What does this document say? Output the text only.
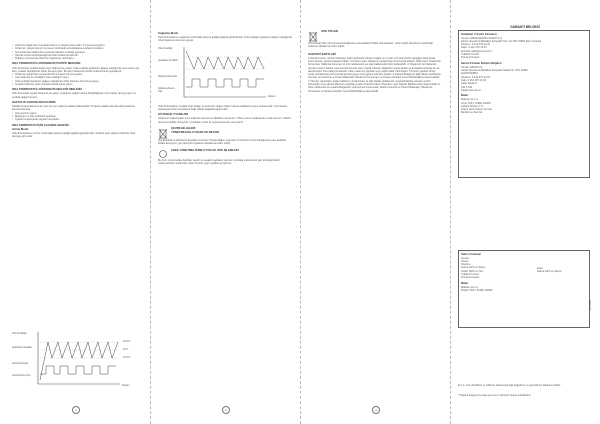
• Cihazınız kapalı iken kumanda kolunu en düşük konum olan ‘0’ konumuna getirin.

• Cihazınızı çalıştırmak için ön panel üzerindeki açma/kapama anahtarını kullanın.

• Termostat ayar düğmesini çevirerek istenilen sıcaklığı ayarlayın.

• Hazırlık süresi tamamlandığında cihaz kullanıma hazırdır.

• Kullanım sonrasında cihazınızı kapatmayı unutmayın.

ODA TERMOSTATLI HİSTEREZİS POZİTİF MEKANİZ

Oda Termostatı sıcaklık değeri ayar düğmesi ile yapılır. Oda sıcaklığı ayarlanan değere ulaştığında ısıtıcı devre dışı kalır, sıcaklık düştüğünde tekrar devreye girer. Bu işlem histerezis pozitif mekanizma ile gerçekleşir.

• Cihazınızı kapalı iken kumanda kolunu kapalı konuma getirin.

• Ayar düğmesi ile istediğiniz oda sıcaklığını seçin.

• Oda sıcaklığı ayarlanan değere ulaştığında cihaz bekleme konumuna geçer.

• Sıcaklık düşünce cihaz otomatik olarak tekrar çalışır.

ODA TERMOSTATLI HİSTEREZİS NEGATİF MEKANİZ

Oda Termostatı negatif histerezis ile çalışır. Ayarlanan değerin altına düşüldüğünde ısıtıcı tekrar devreye girer ve sıcaklık değeri korunur.

HAFTALIK ZAMANLAMA KURMA

Haftalık programlama ile her gün için ayrı çalışma saatleri belirlenebilir. Program saatleri dışında cihaz bekleme konumunda kalır.

• Gün seçimini yapın.

• Başlangıç ve bitiş saatlerini ayarlayın.

• Ayarları onaylayarak programı kaydedin.

ODA TERMOSTATI İÇİN ÇALIŞMA GRAFİĞİ
Isıtma Modu

Oda Termostatının ısıtma modundaki çalışma grafiği aşağıda gösterilmiştir. Sıcaklık ayar noktası etrafında cihaz devreye girip çıkar.

Oda Sıcaklığı
Ayarlanan Sıcaklık
Isıtma Devrede
Isıtma Devre Dışı
22.5°C
22°C
21.5°C
Zaman
1
Soğutma Modu

Oda Termostatının soğutma modundaki çalışma grafiği aşağıda gösterilmiştir. Oda sıcaklığı ayarlanan değere ulaştığında cihaz bekleme konumuna geçer.

Oda Sıcaklığı
Ayarlanan Sıcaklık
Soğutma Devrede
Soğutma Devre Dışı
Zaman

Oda Termostatının sıcaklık ayar aralığı ve histerezis değeri cihazın teknik özelliklerine göre belirlenmiştir. Termostatın hassasiyeti ortam koşullarına bağlı olarak değişiklik gösterebilir.

GÜVENLİK UYARILARI

Cihazınızı kullanmadan önce kullanım kılavuzunu dikkatlice okuyunuz. Cihazı yanıcı maddelerden uzak tutunuz. Cihazın üzerini kesinlikle örtmeyiniz. Çocukların cihaz ile oynamasına izin vermeyiniz.

ÇEVRE BİLGİLERİ
YÖNETMELİĞE UYGUNLUK BEYANI

Atık Elektrikli ve Elektronik Eşyaların Kontrolü Yönetmeliğine uygundur. Ürününüzü ömrü dolduğunda evsel atıklarla birlikte atmayınız, geri dönüşüm toplama noktalarına teslim ediniz.

AEEE YÖNETMELİĞİNE UYUM VE ATIK İŞLEMLERİ

Bu ürün, yönetmelikte belirtilen zararlı ve yasaklı maddeleri içermez. Ambalaj malzemeleri geri dönüştürülebilir malzemelerden üretilmiştir, lütfen bunları uygun şekilde ayrıştırınız.

2
ATIK PİLLER

Ürünüzdeki piller ömrünü tamamladığında evsel atıklarla birlikte atılmamalıdır. Lütfen pilleri belediyenin belirlediği toplama noktalarına teslim ediniz.

GARANTİ ŞARTLARI

1-Garanti süresi, ürünün tüketiciye teslim tarihinden itibaren başlar ve 2 yıldır. 2-Ürünün bütün parçaları dahil olmak üzere tamamı garanti kapsamındadır. 3-Ürünün ayıplı olduğunun anlaşılması durumunda tüketici, 6502 sayılı Tüketicinin Korunması Hakkında Kanunun 11 inci maddesinde yer alan haklarından birini kullanabilir. 4-Tüketicinin bu haklardan ücretsiz onarım hakkını seçmesi durumunda satıcı; işçilik masrafı, değiştirilen parça bedeli ya da başka herhangi bir ad altında hiçbir ücret talep etmeksizin malın onarımını yapmak veya yaptırmakla yükümlüdür. 5-Ürünün garanti süresi içinde arızalanması durumunda tamirde geçen süre garanti süresine eklenir. 6-Garanti Belgesi ile ilgili olarak çıkabilecek sorunlar için Gümrük ve Ticaret Bakanlığı Tüketicinin Korunması ve Piyasa Gözetimi Genel Müdürlüğüne başvurulabilir. 7-Tüketici, garantiden doğan haklarının kullanılması ile ilgili olarak çıkabilecek uyuşmazlıklarda yerleşim yerinin bulunduğu veya tüketici işleminin yapıldığı yerdeki Tüketici Hakem Heyetine veya Tüketici Mahkemesine başvurabilir. 8-Satıcı tarafından bu Garanti Belgesinin verilmemesi durumunda, tüketici Gümrük ve Ticaret Bakanlığı Tüketicinin Korunması ve Piyasa Gözetimi Genel Müdürlüğüne başvurabilir.

3
GARANTİ BELGESİ
Tedarikçi / Üretici Firmanın

Unvanı: EMAR MAKİNA SANAYİ A.Ş.

Adresi: Esenkent Mahallesi Konyaaltı Sok. No:15/1 34384 Şişli / İstanbul

Telefonu: 0 212 376 14 00

Faksı: 0 212 376 14 03

E-Posta: satis@emar.com.tr

Yetkilinin İmzası:

Firmanın Kaşesi:

Servis Firması İletişim Bilgileri

Unvanı: EMAR A.Ş.

Adresi: Esenkent Mahallesi Konyaaltı Sokak No: 15/1 34384

Şişli/İSTANBUL

Telefonu: 0 212 376 13 03

Faks: 0 212 376 13 03

Çağrı Merkezi:

444 0 333

info@emar.com.tr

Malın

Markası: E.C.A.

Cinsi: POLY PURE 1000W

Garanti Süresi: 2 Yıl

Azami Tamir Süresi: 20 Gün

Bandrol ve Seri No:

Satıcı Firmanın

Unvanı:

Adresi:

Telefonu:

Fatura Tarih ve Sayısı:

Teslim Tarihi ve Yeri:

Yetkilinin İmzası:

Firmanın Kaşesi:

Faks:

Fatura Tarih ve Sayısı:

Malın

Markası: E.C.A.

Modeli: POLY PURE 1000W

E.C.A. ürün özellikleri ve kullanım kılavuzuyla ilgili değiştirme ve güncelleme hakkına sahiptir.

**Garanti belgesi için www.eca.com.tr adresini ziyaret edebilirsiniz.

V01 2022
